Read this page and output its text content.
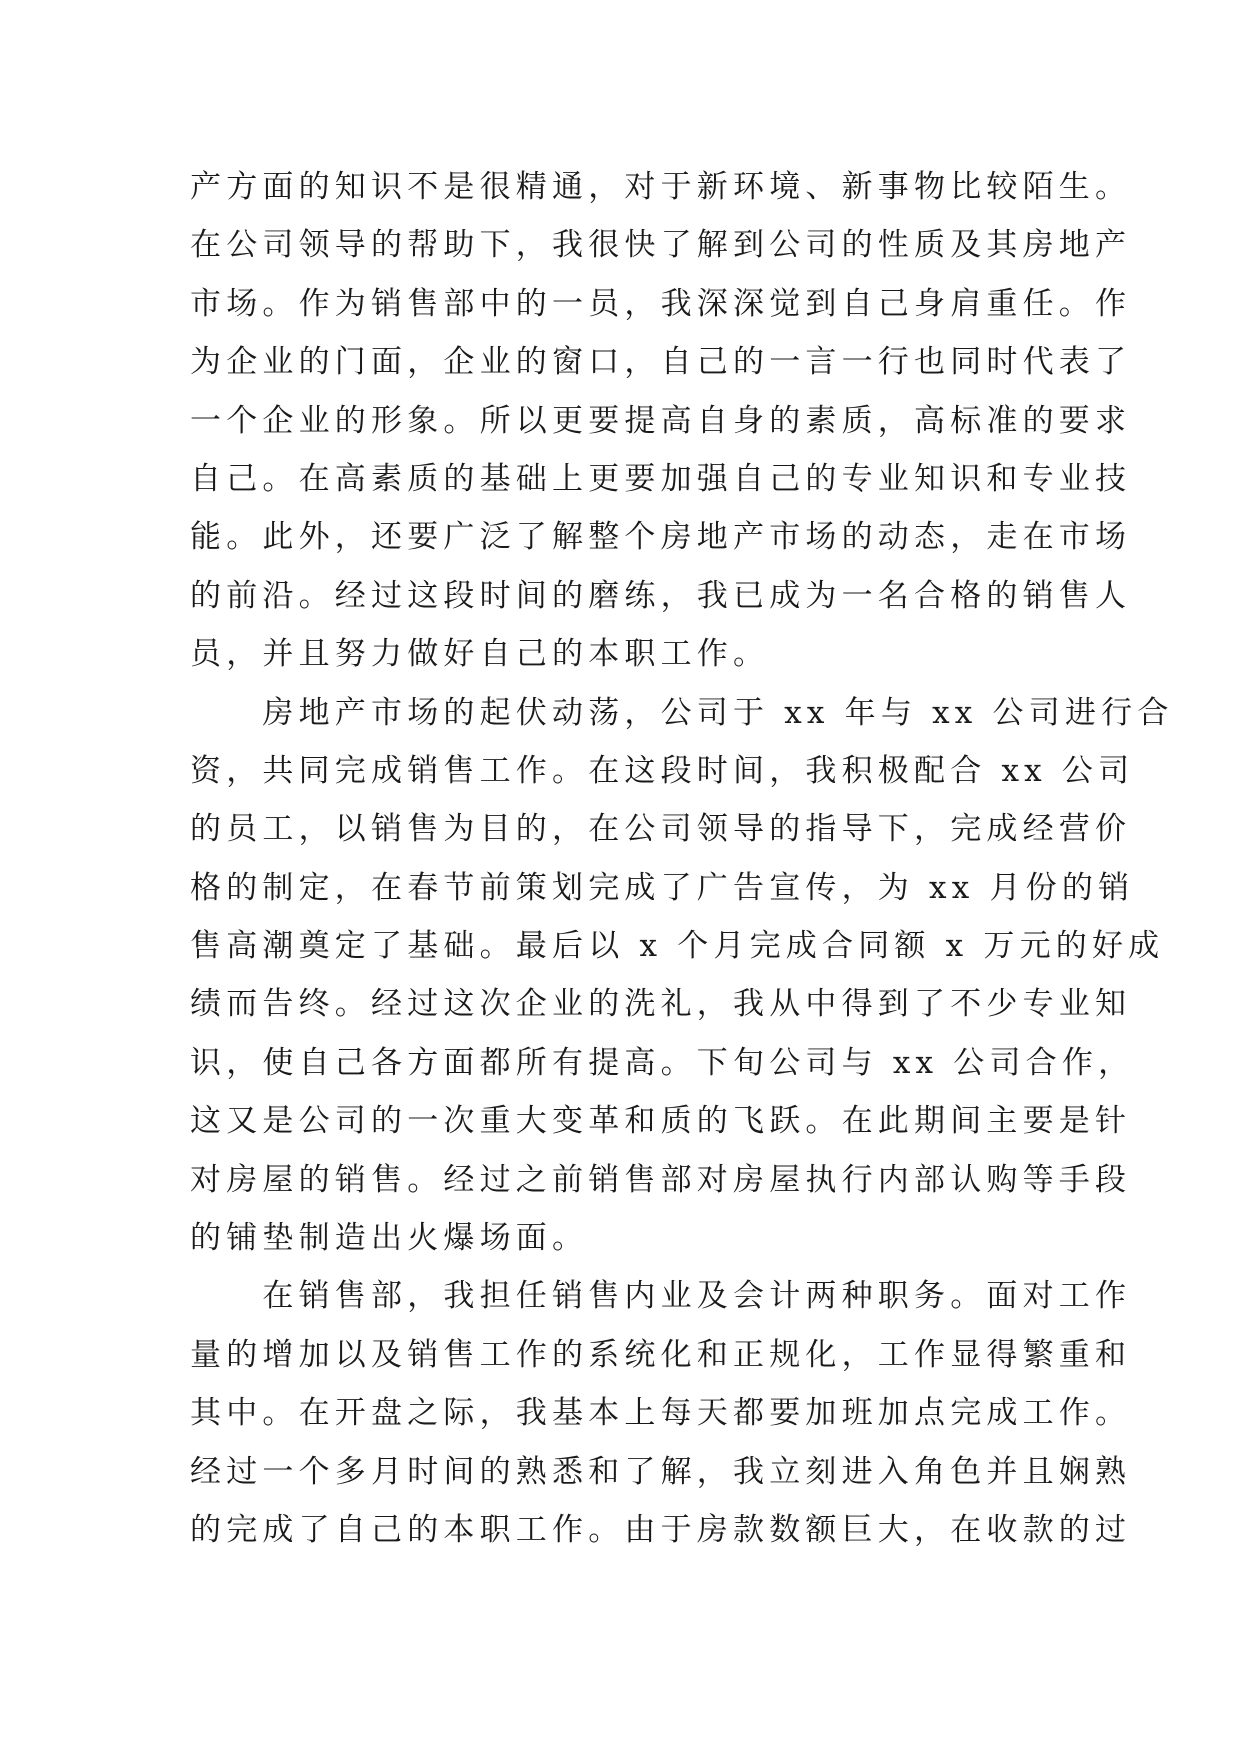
产方面的知识不是很精通，对于新环境、新事物比较陌生。
在公司领导的帮助下，我很快了解到公司的性质及其房地产
市场。作为销售部中的一员，我深深觉到自己身肩重任。作
为企业的门面，企业的窗口，自己的一言一行也同时代表了
一个企业的形象。所以更要提高自身的素质，高标准的要求
自己。在高素质的基础上更要加强自己的专业知识和专业技
能。此外，还要广泛了解整个房地产市场的动态，走在市场
的前沿。经过这段时间的磨练，我已成为一名合格的销售人
员，并且努力做好自己的本职工作。
　　房地产市场的起伏动荡，公司于 xx 年与 xx 公司进行合
资，共同完成销售工作。在这段时间，我积极配合 xx 公司
的员工，以销售为目的，在公司领导的指导下，完成经营价
格的制定，在春节前策划完成了广告宣传，为 xx 月份的销
售高潮奠定了基础。最后以 x 个月完成合同额 x 万元的好成
绩而告终。经过这次企业的洗礼，我从中得到了不少专业知
识，使自己各方面都所有提高。下旬公司与 xx 公司合作，
这又是公司的一次重大变革和质的飞跃。在此期间主要是针
对房屋的销售。经过之前销售部对房屋执行内部认购等手段
的铺垫制造出火爆场面。
　　在销售部，我担任销售内业及会计两种职务。面对工作
量的增加以及销售工作的系统化和正规化，工作显得繁重和
其中。在开盘之际，我基本上每天都要加班加点完成工作。
经过一个多月时间的熟悉和了解，我立刻进入角色并且娴熟
的完成了自己的本职工作。由于房款数额巨大，在收款的过
